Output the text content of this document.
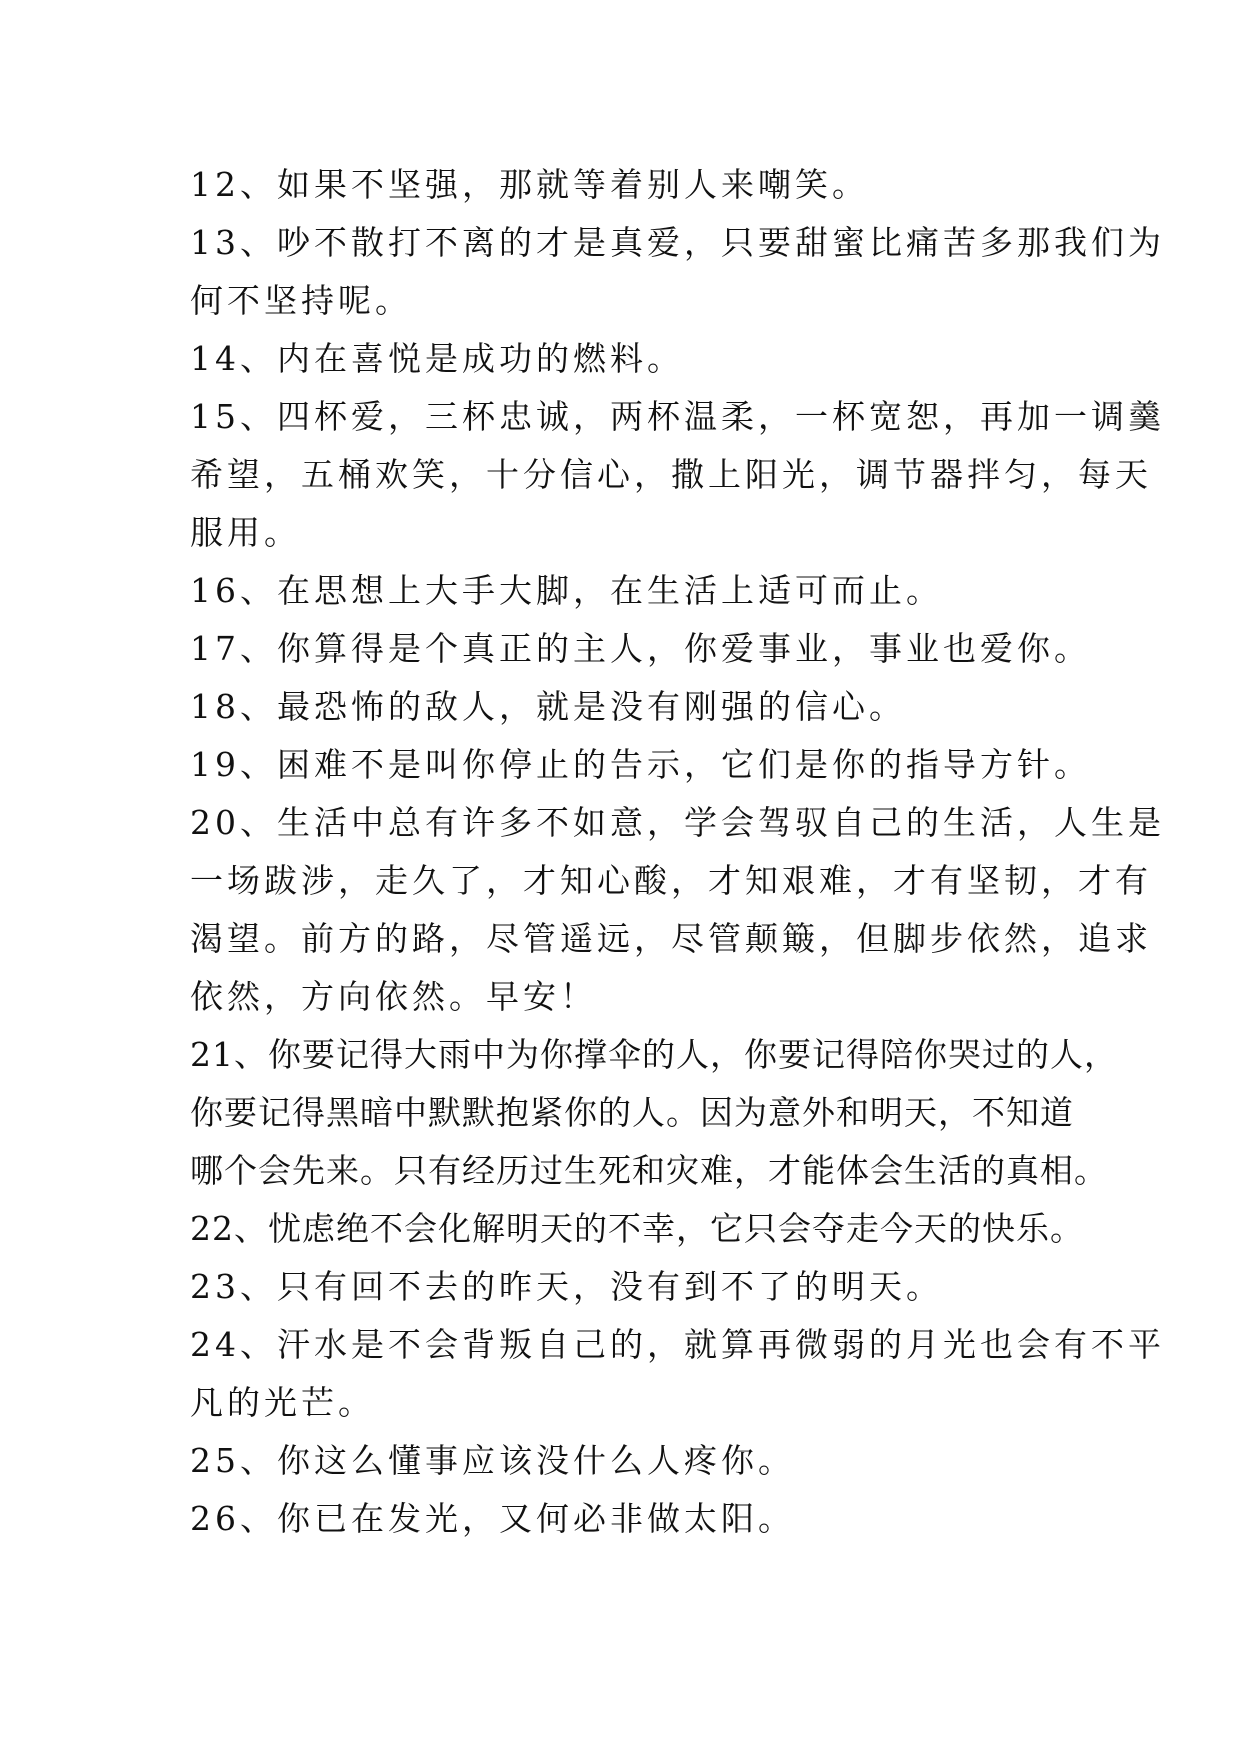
12、如果不坚强，那就等着别人来嘲笑。
13、吵不散打不离的才是真爱，只要甜蜜比痛苦多那我们为
何不坚持呢。
14、内在喜悦是成功的燃料。
15、四杯爱，三杯忠诚，两杯温柔，一杯宽恕，再加一调羹
希望，五桶欢笑，十分信心，撒上阳光，调节器拌匀，每天
服用。
16、在思想上大手大脚，在生活上适可而止。
17、你算得是个真正的主人，你爱事业，事业也爱你。
18、最恐怖的敌人，就是没有刚强的信心。
19、困难不是叫你停止的告示，它们是你的指导方针。
20、生活中总有许多不如意，学会驾驭自己的生活，人生是
一场跋涉，走久了，才知心酸，才知艰难，才有坚韧，才有
渴望。前方的路，尽管遥远，尽管颠簸，但脚步依然，追求
依然，方向依然。早安！
21、你要记得大雨中为你撑伞的人，你要记得陪你哭过的人，
你要记得黑暗中默默抱紧你的人。因为意外和明天，不知道
哪个会先来。只有经历过生死和灾难，才能体会生活的真相。
22、忧虑绝不会化解明天的不幸，它只会夺走今天的快乐。
23、只有回不去的昨天，没有到不了的明天。
24、汗水是不会背叛自己的，就算再微弱的月光也会有不平
凡的光芒。
25、你这么懂事应该没什么人疼你。
26、你已在发光，又何必非做太阳。
